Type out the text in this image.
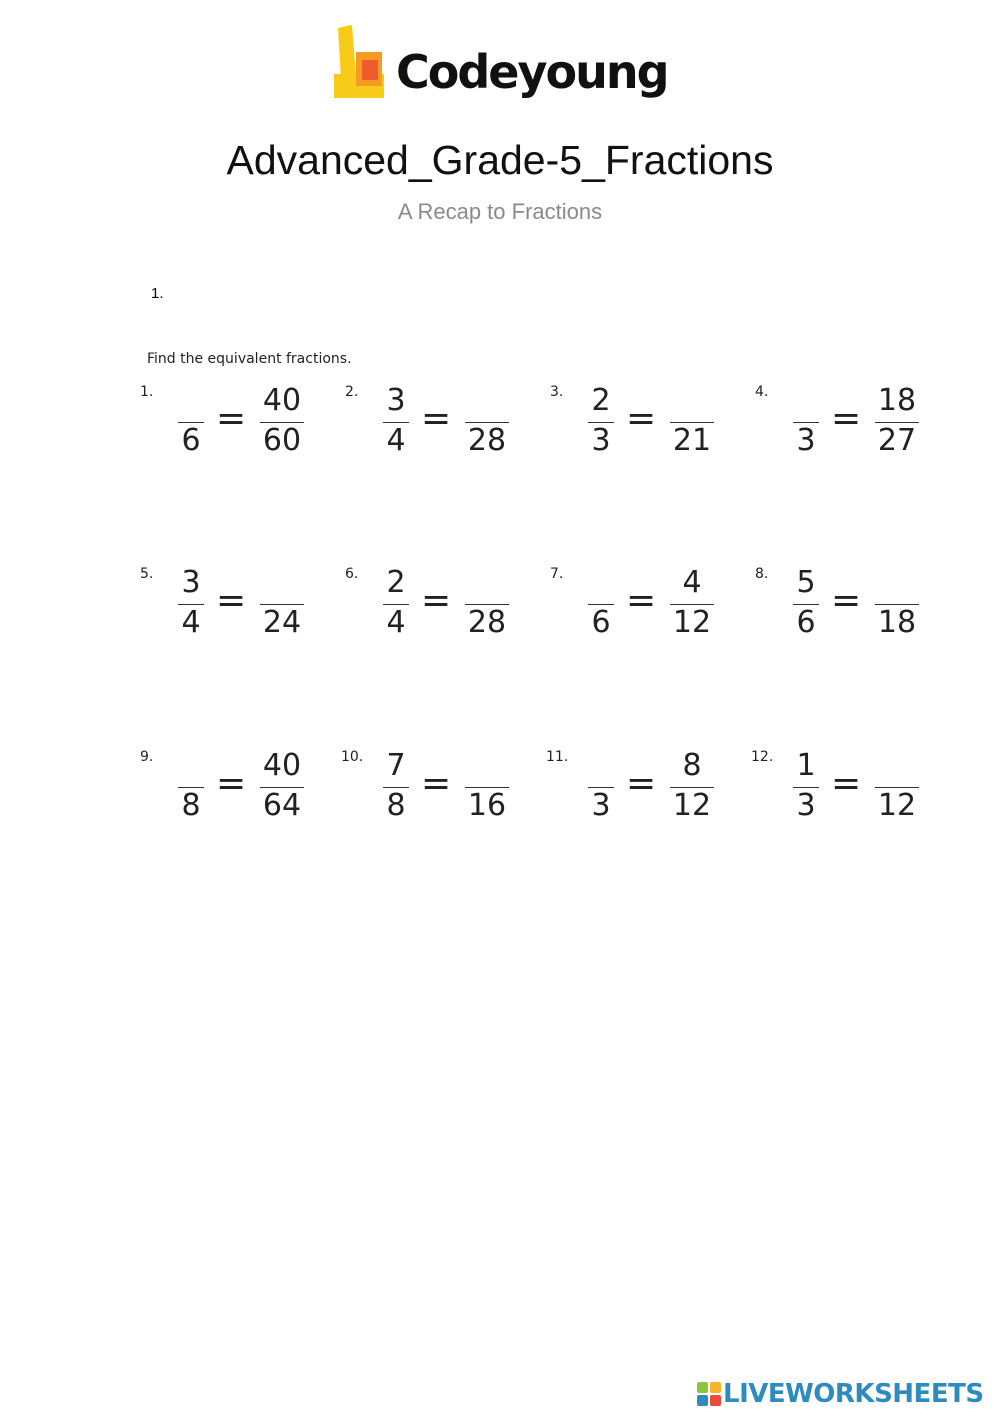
Codeyoung
Advanced_Grade-5_Fractions
A Recap to Fractions
1.
Find the equivalent fractions.
1.
6
= 40
60
2. 3
4
=
28
3. 2
3
=
21
4.
3
= 18
27
5. 3
4
=
24
6. 2
4
=
28
7.
6
= 4
12
8. 5
6
=
18
9.
8
= 40
64
10. 7
8
=
16
11.
3
= 8
12
12. 1
3
=
12
LIVEWORKSHEETS
